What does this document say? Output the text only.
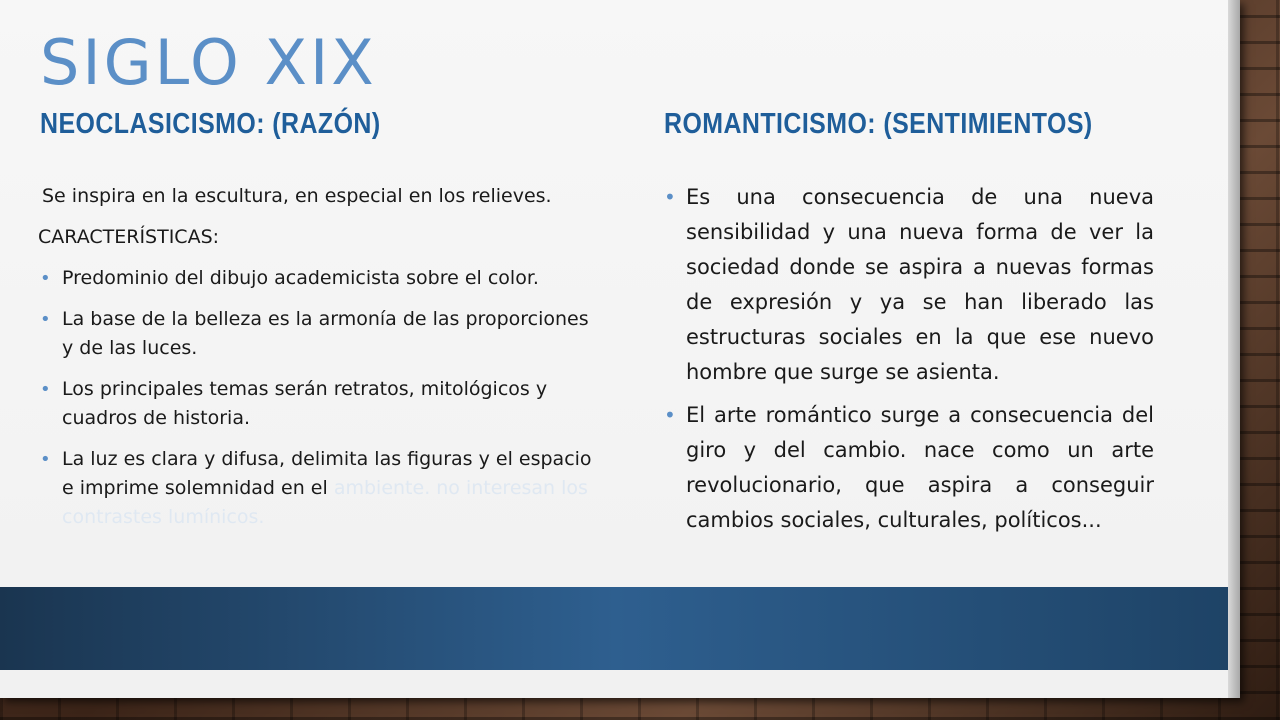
SIGLO XIX
NEOCLASICISMO: (RAZÓN)	ROMANTICISMO: (SENTIMIENTOS)

Se inspira en la escultura, en especial en los relieves.

CARACTERÍSTICAS:

• Predominio del dibujo academicista sobre el color.
• La base de la belleza es la armonía de las proporciones y de las luces.
• Los principales temas serán retratos, mitológicos y cuadros de historia.
• La luz es clara y difusa, delimita las figuras y el espacio e imprime solemnidad en el ambiente. no interesan los contrastes lumínicos.
• Es una consecuencia de una nueva sensibilidad y una nueva forma de ver la sociedad donde se aspira a nuevas formas de expresión y ya se han liberado las estructuras sociales en la que ese nuevo hombre que surge se asienta.
• El arte romántico surge a consecuencia del giro y del cambio. nace como un arte revolucionario, que aspira a conseguir cambios sociales, culturales, políticos...
